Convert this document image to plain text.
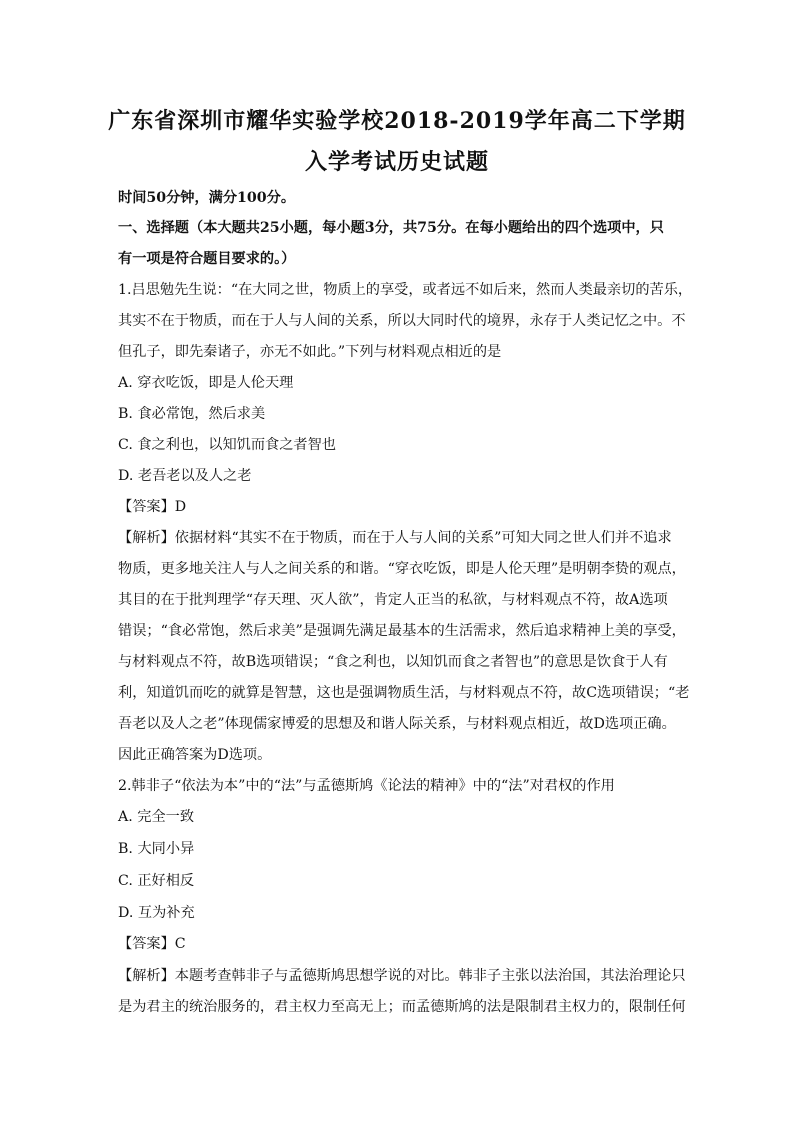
广东省深圳市耀华实验学校2018-2019学年高二下学期
入学考试历史试题
时间50分钟，满分100分。
一、选择题（本大题共25小题，每小题3分，共75分。在每小题给出的四个选项中，只
有一项是符合题目要求的。）
1.吕思勉先生说：“在大同之世，物质上的享受，或者远不如后来，然而人类最亲切的苦乐，
其实不在于物质，而在于人与人间的关系，所以大同时代的境界，永存于人类记忆之中。不
但孔子，即先秦诸子，亦无不如此。”下列与材料观点相近的是
A. 穿衣吃饭，即是人伦天理
B. 食必常饱，然后求美
C. 食之利也，以知饥而食之者智也
D. 老吾老以及人之老
【答案】D
【解析】依据材料“其实不在于物质，而在于人与人间的关系”可知大同之世人们并不追求
物质，更多地关注人与人之间关系的和谐。“穿衣吃饭，即是人伦天理”是明朝李贽的观点，
其目的在于批判理学“存天理、灭人欲”，肯定人正当的私欲，与材料观点不符，故A选项
错误；“食必常饱，然后求美”是强调先满足最基本的生活需求，然后追求精神上美的享受，
与材料观点不符，故B选项错误；“食之利也，以知饥而食之者智也”的意思是饮食于人有
利，知道饥而吃的就算是智慧，这也是强调物质生活，与材料观点不符，故C选项错误；“老
吾老以及人之老”体现儒家博爱的思想及和谐人际关系，与材料观点相近，故D选项正确。
因此正确答案为D选项。
2.韩非子“依法为本”中的“法”与孟德斯鸠《论法的精神》中的“法”对君权的作用
A. 完全一致
B. 大同小异
C. 正好相反
D. 互为补充
【答案】C
【解析】本题考查韩非子与孟德斯鸠思想学说的对比。韩非子主张以法治国，其法治理论只
是为君主的统治服务的，君主权力至高无上；而孟德斯鸠的法是限制君主权力的，限制任何
